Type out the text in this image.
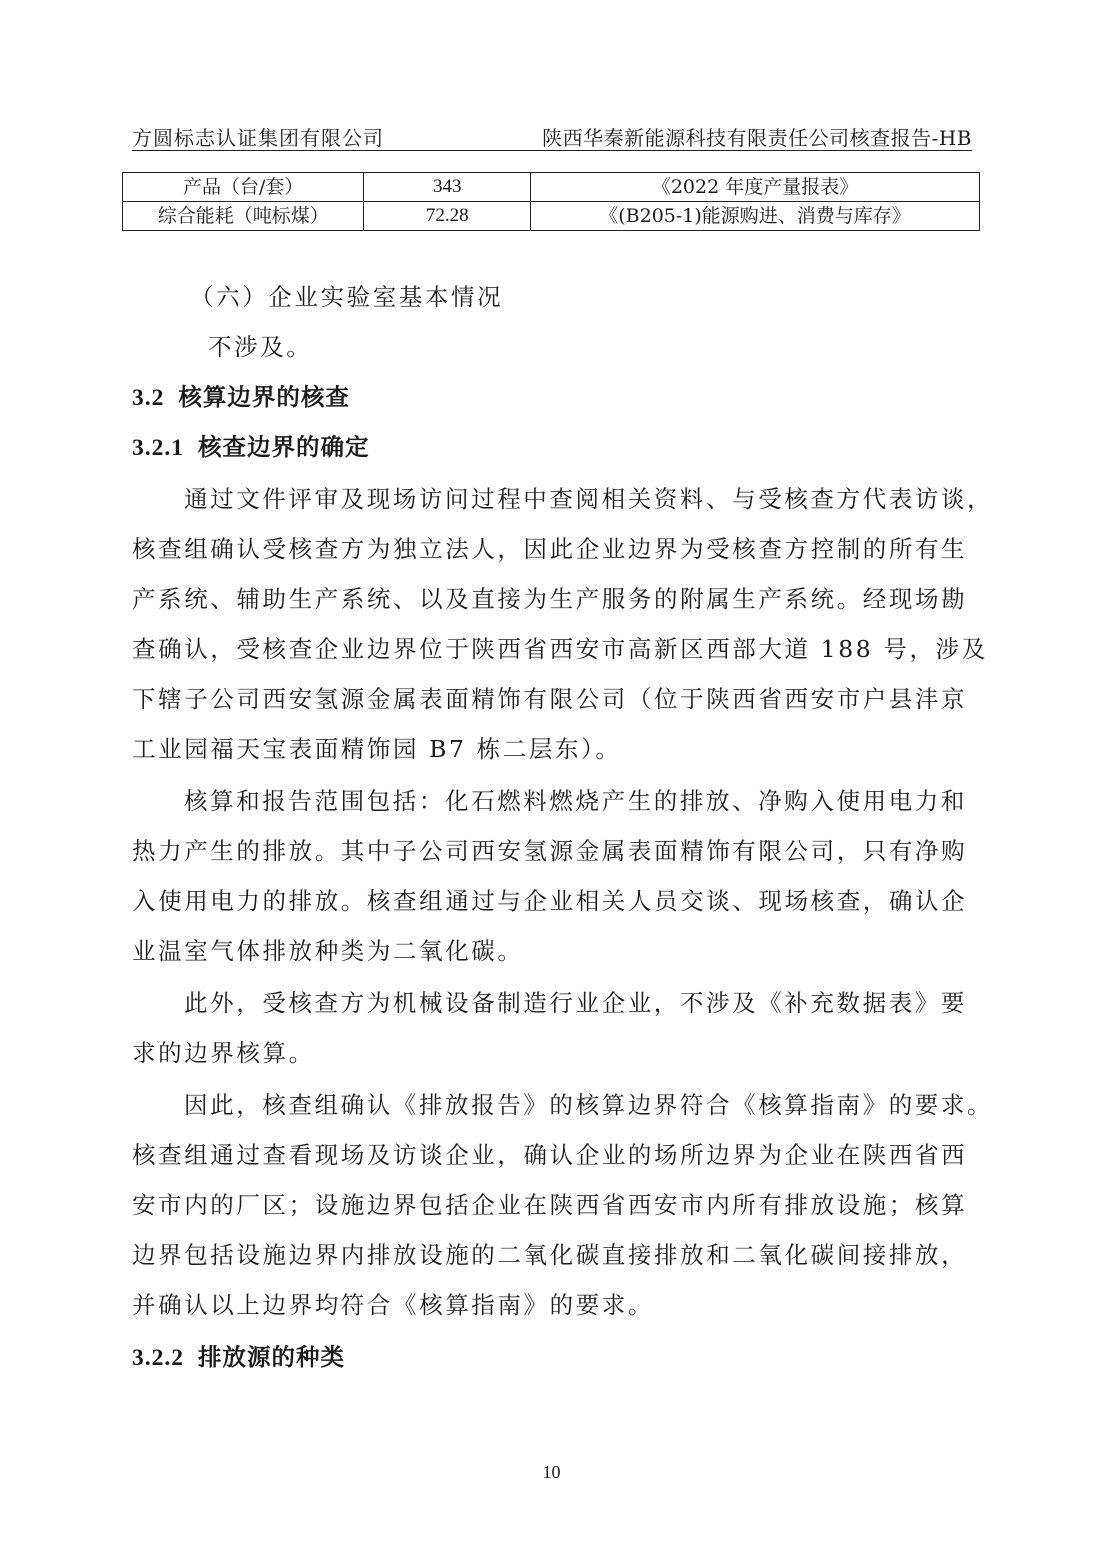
方圆标志认证集团有限公司	陕西华秦新能源科技有限责任公司核查报告-HB
产品（台/套）	343	《2022 年度产量报表》
综合能耗（吨标煤）	72.28	《(B205-1)能源购进、消费与库存》
（六）企业实验室基本情况
不涉及。
3.2 核算边界的核查
3.2.1 核查边界的确定
通过文件评审及现场访问过程中查阅相关资料、与受核查方代表访谈，
核查组确认受核查方为独立法人，因此企业边界为受核查方控制的所有生
产系统、辅助生产系统、以及直接为生产服务的附属生产系统。经现场勘
查确认，受核查企业边界位于陕西省西安市高新区西部大道 188 号，涉及
下辖子公司西安氢源金属表面精饰有限公司（位于陕西省西安市户县沣京
工业园福天宝表面精饰园 B7 栋二层东）。
核算和报告范围包括：化石燃料燃烧产生的排放、净购入使用电力和
热力产生的排放。其中子公司西安氢源金属表面精饰有限公司，只有净购
入使用电力的排放。核查组通过与企业相关人员交谈、现场核查，确认企
业温室气体排放种类为二氧化碳。
此外，受核查方为机械设备制造行业企业，不涉及《补充数据表》要
求的边界核算。
因此，核查组确认《排放报告》的核算边界符合《核算指南》的要求。
核查组通过查看现场及访谈企业，确认企业的场所边界为企业在陕西省西
安市内的厂区；设施边界包括企业在陕西省西安市内所有排放设施；核算
边界包括设施边界内排放设施的二氧化碳直接排放和二氧化碳间接排放，
并确认以上边界均符合《核算指南》的要求。
3.2.2 排放源的种类
10
